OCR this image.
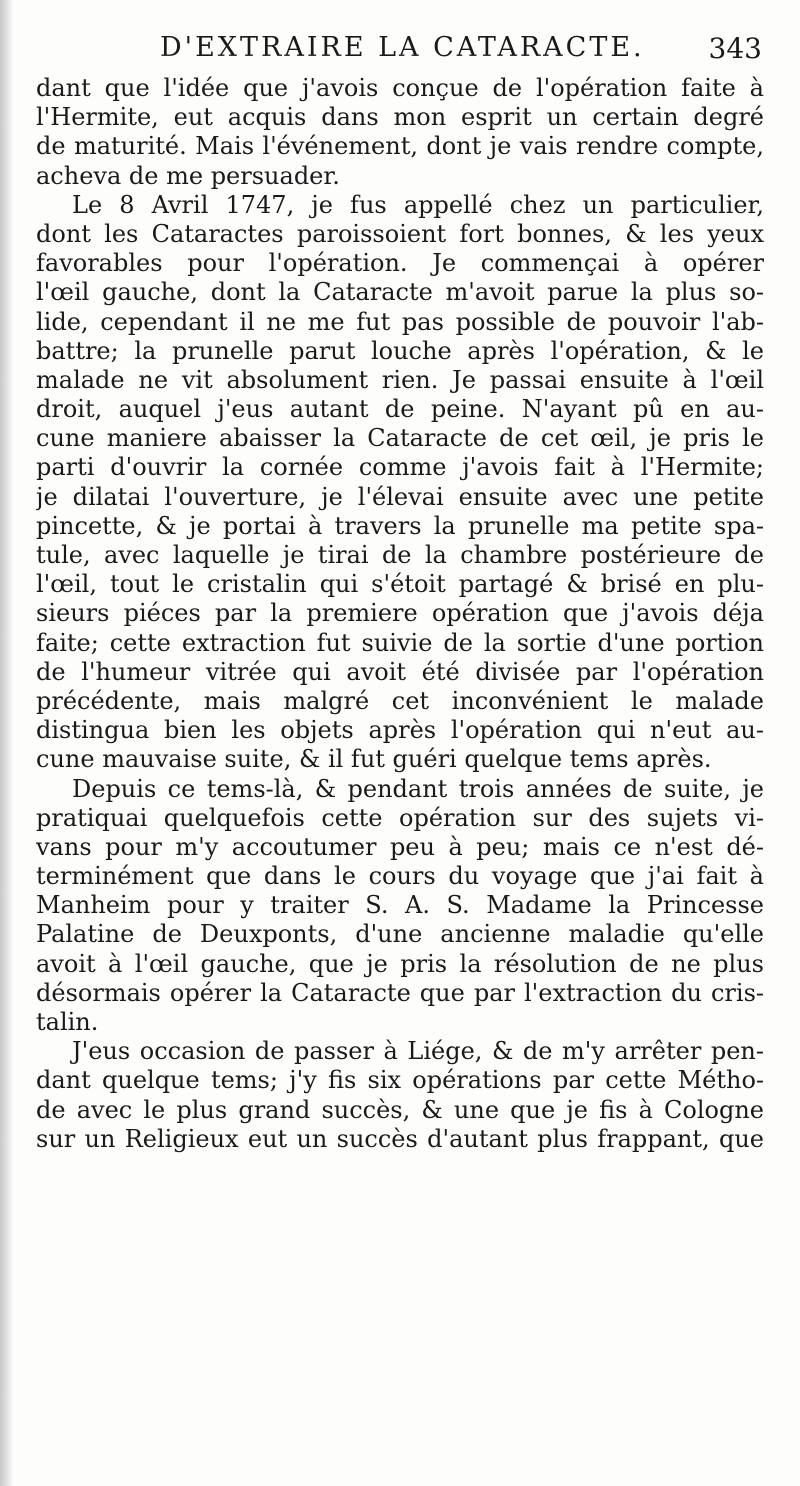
D'EXTRAIRE LA CATARACTE. 343
dant que l'idée que j'avois conçue de l'opération faite à
l'Hermite, eut acquis dans mon esprit un certain degré
de maturité. Mais l'événement, dont je vais rendre compte,
acheva de me persuader.
Le 8 Avril 1747, je fus appellé chez un particulier,
dont les Cataractes paroissoient fort bonnes, & les yeux
favorables pour l'opération. Je commençai à opérer
l'œil gauche, dont la Cataracte m'avoit parue la plus so-
lide, cependant il ne me fut pas possible de pouvoir l'ab-
battre; la prunelle parut louche après l'opération, & le
malade ne vit absolument rien. Je passai ensuite à l'œil
droit, auquel j'eus autant de peine. N'ayant pû en au-
cune maniere abaisser la Cataracte de cet œil, je pris le
parti d'ouvrir la cornée comme j'avois fait à l'Hermite;
je dilatai l'ouverture, je l'élevai ensuite avec une petite
pincette, & je portai à travers la prunelle ma petite spa-
tule, avec laquelle je tirai de la chambre postérieure de
l'œil, tout le cristalin qui s'étoit partagé & brisé en plu-
sieurs piéces par la premiere opération que j'avois déja
faite; cette extraction fut suivie de la sortie d'une portion
de l'humeur vitrée qui avoit été divisée par l'opération
précédente, mais malgré cet inconvénient le malade
distingua bien les objets après l'opération qui n'eut au-
cune mauvaise suite, & il fut guéri quelque tems après.
Depuis ce tems-là, & pendant trois années de suite, je
pratiquai quelquefois cette opération sur des sujets vi-
vans pour m'y accoutumer peu à peu; mais ce n'est dé-
terminément que dans le cours du voyage que j'ai fait à
Manheim pour y traiter S. A. S. Madame la Princesse
Palatine de Deuxponts, d'une ancienne maladie qu'elle
avoit à l'œil gauche, que je pris la résolution de ne plus
désormais opérer la Cataracte que par l'extraction du cris-
talin.
J'eus occasion de passer à Liége, & de m'y arrêter pen-
dant quelque tems; j'y fis six opérations par cette Métho-
de avec le plus grand succès, & une que je fis à Cologne
sur un Religieux eut un succès d'autant plus frappant, que
